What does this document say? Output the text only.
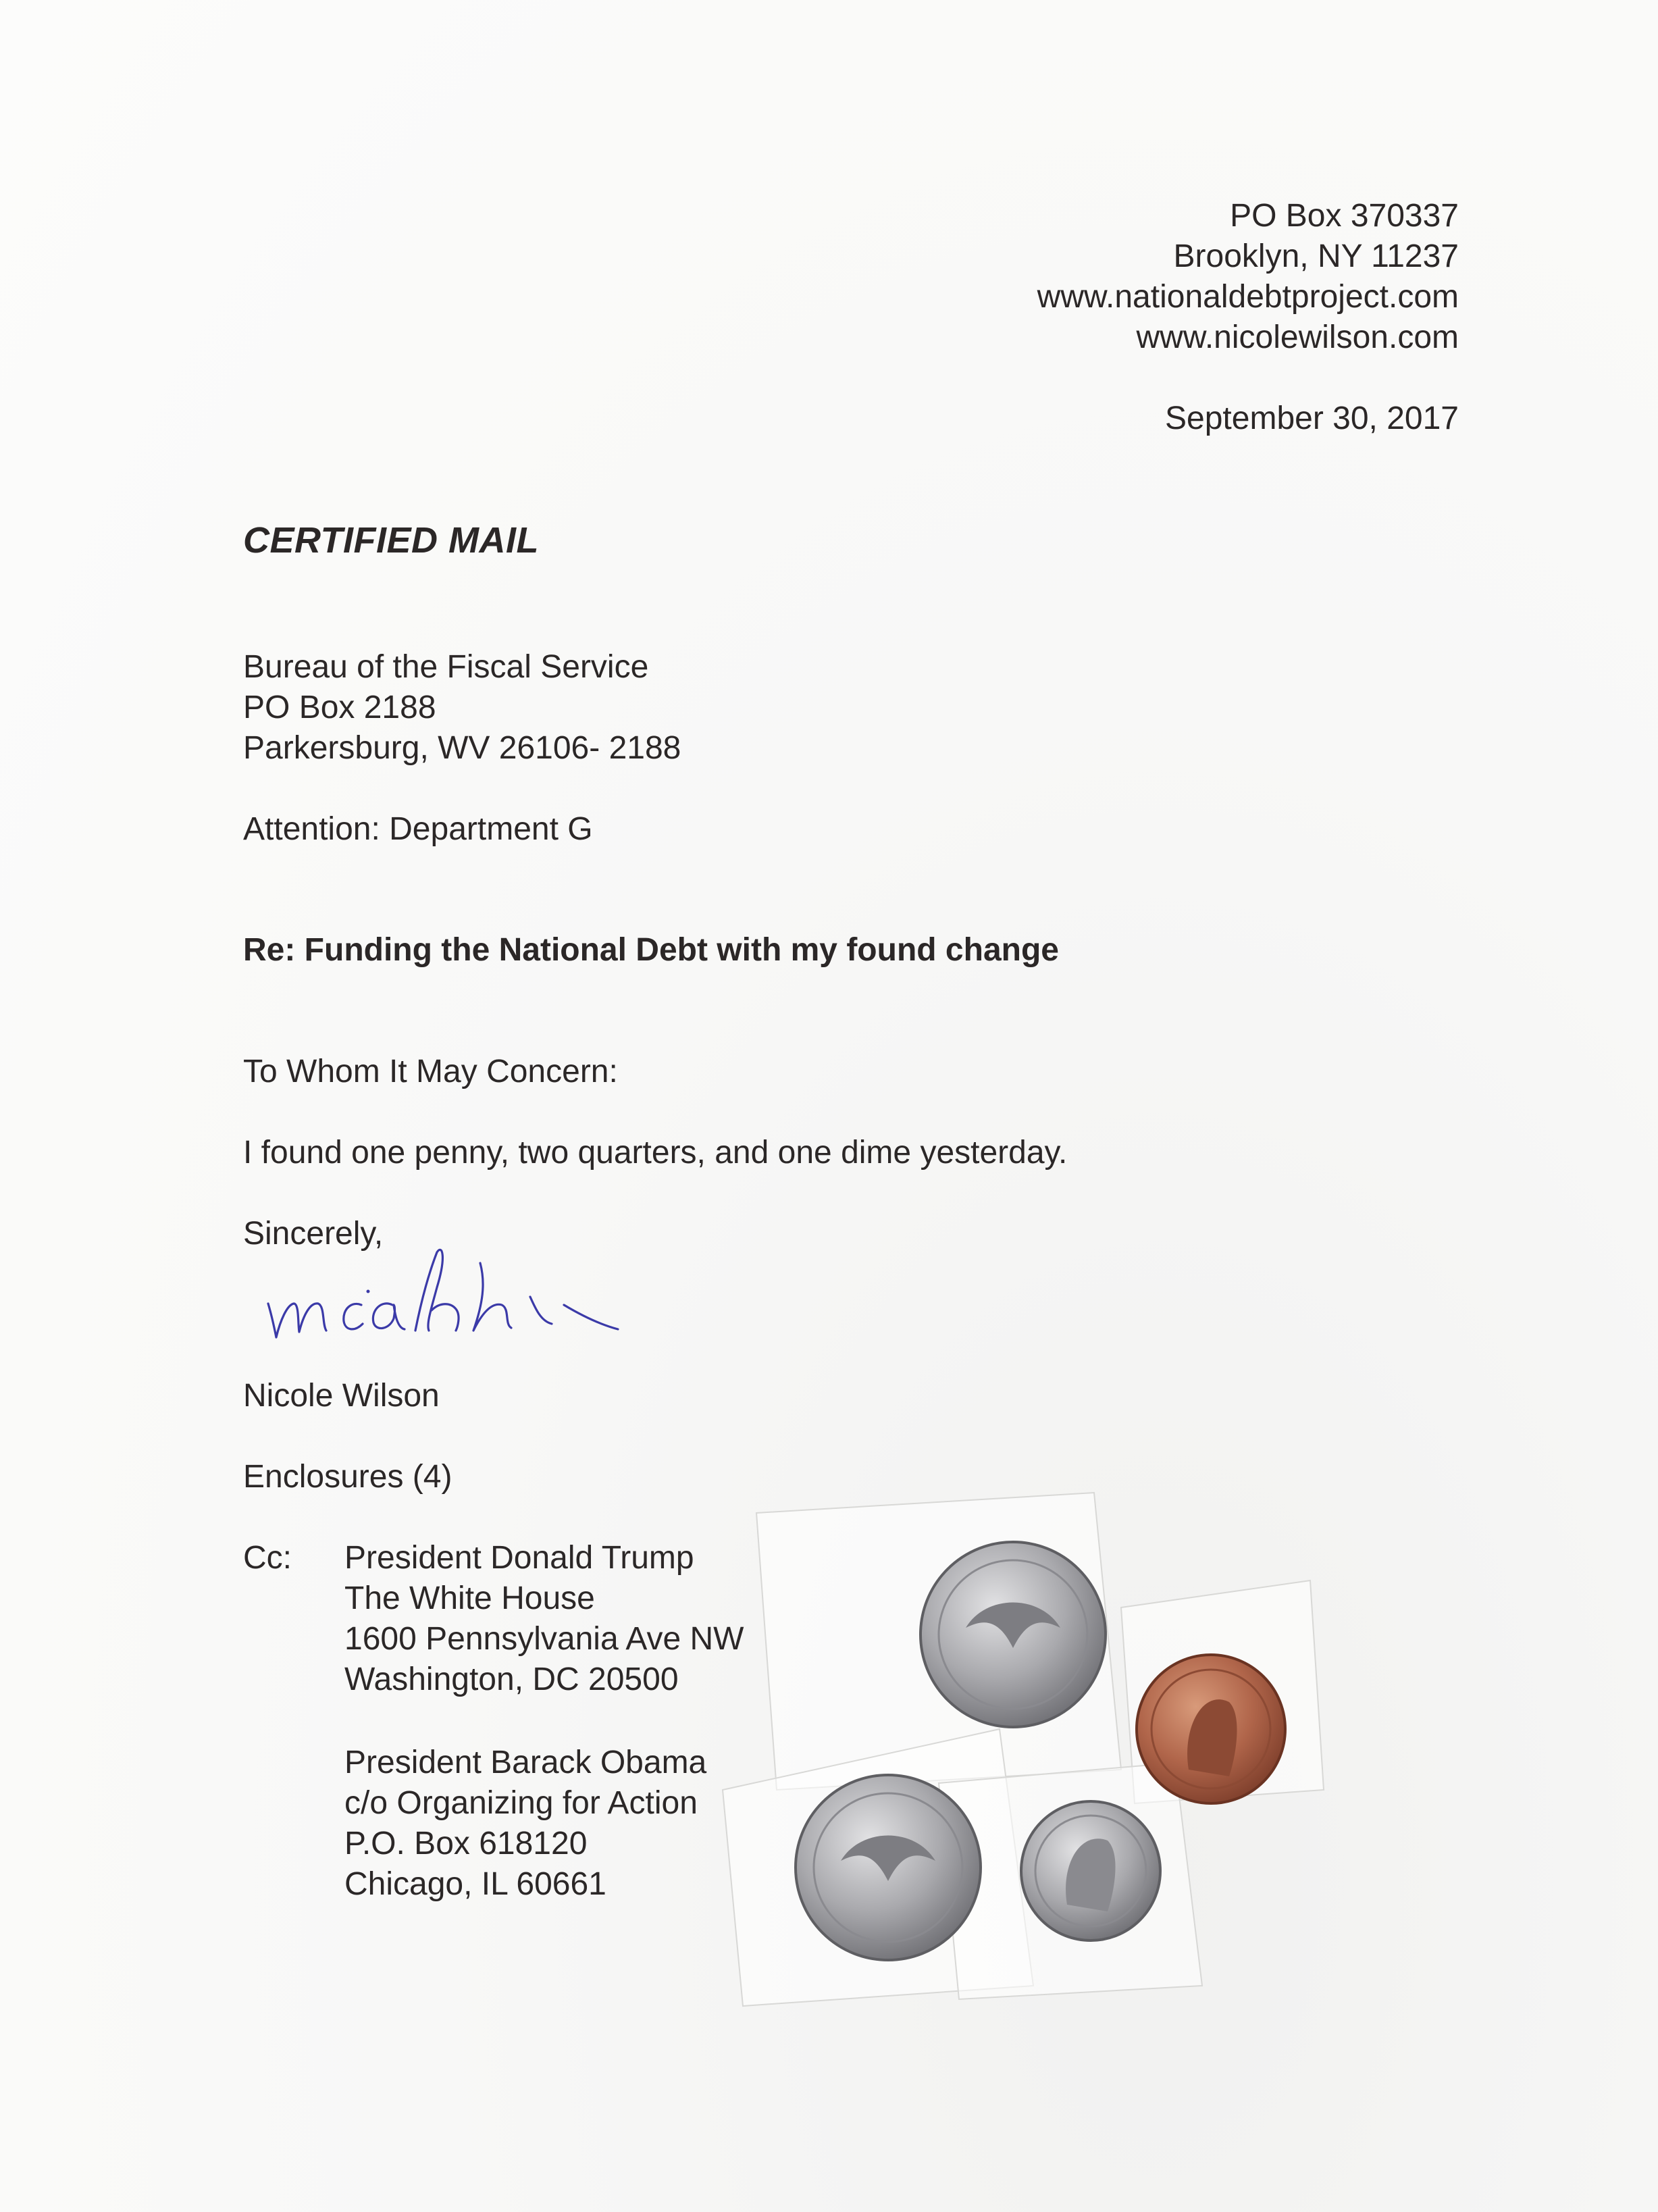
PO Box 370337
Brooklyn, NY 11237
www.nationaldebtproject.com
www.nicolewilson.com
September 30, 2017
CERTIFIED MAIL
Bureau of the Fiscal Service
PO Box 2188
Parkersburg, WV 26106- 2188
Attention: Department G
Re: Funding the National Debt with my found change
To Whom It May Concern:
I found one penny, two quarters, and one dime yesterday.
Sincerely,
Nicole Wilson
Enclosures (4)
Cc: President Donald Trump
The White House
1600 Pennsylvania Ave NW
Washington, DC 20500
President Barack Obama
c/o Organizing for Action
P.O. Box 618120
Chicago, IL 60661
